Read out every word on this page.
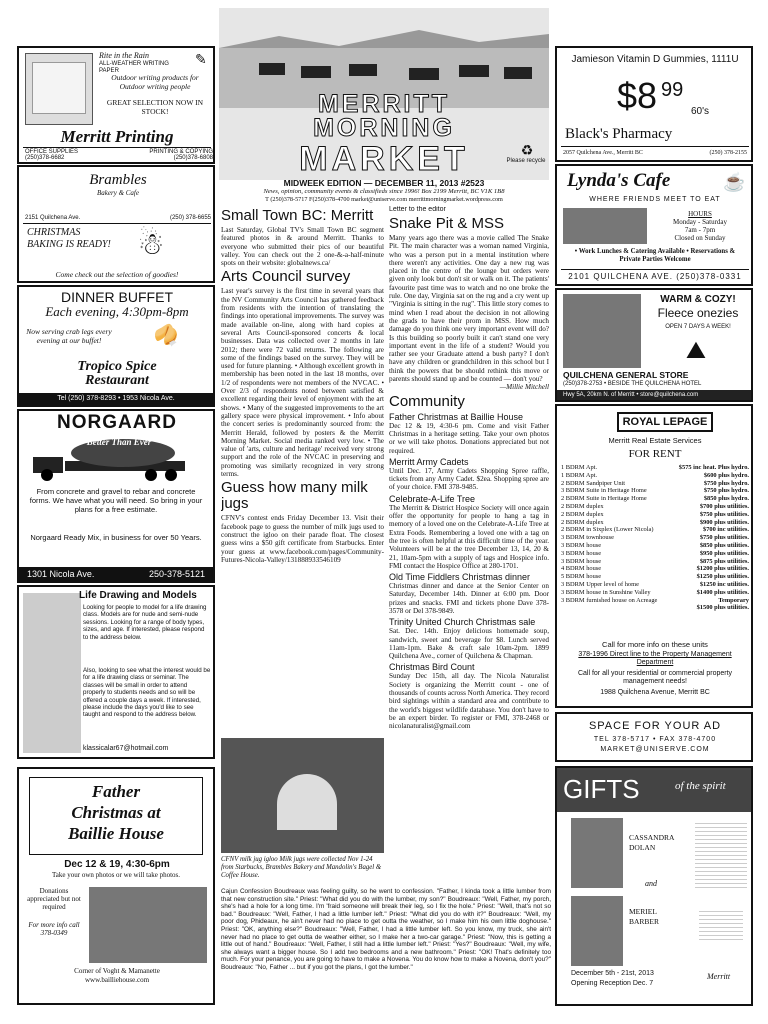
Rite in the Rain
ALL-WEATHER WRITING PAPER
✎
Outdoor writing products for Outdoor writing people
GREAT SELECTION NOW IN STOCK!
Merritt Printing
OFFICE SUPPLIES
(250)378-6682
PRINTING & COPYING
(250)378-6808
Brambles
Bakery & Cafe
2151 Quilchena Ave.	(250) 378-6655
CHRISTMAS BAKING IS READY! ☃
Come check out the selection of goodies!
DINNER BUFFET
Each evening, 4:30pm-8pm
Now serving crab legs every evening at our buffet!	🥠
Tropico Spice
Restaurant
Tel (250) 378-8293 • 1953 Nicola Ave.
NORGAARD
Better Than Ever
From concrete and gravel to rebar and concrete forms. We have what you will need. So bring in your plans for a free estimate.
Norgaard Ready Mix, in business for over 50 Years.
1301 Nicola Ave.	250-378-5121
Life Drawing and Models
Looking for people to model for a life drawing class. Models are for nude and semi-nude sessions. Looking for a range of body types, sizes, and age. If interested, please respond to the address below.
Also, looking to see what the interest would be for a life drawing class or seminar. The classes will be small in order to attend properly to students needs and so will be offered a couple days a week. If interested, please include the days you'd like to see taught and respond to the address below.
klassicalar67@hotmail.com
Father
Christmas at
Baillie House
Dec 12 & 19, 4:30-6pm
Take your own photos or we will take photos.
Donations appreciated but not required
For more info call 378-0349
Corner of Voght & Mamanette
www.bailliehouse.com
MERRITT
MORNING
MARKET	♻
Please recycle
MIDWEEK EDITION — DECEMBER 11, 2013 #2523
News, opinion, community events & classifieds since 1996! Box 2199 Merritt, BC V1K 1B8
T (250)378-5717 F(250)378-4700 market@uniserve.com merrittmorningmarket.wordpress.com
Small Town BC: Merritt
Last Saturday, Global TV's Small Town BC segment featured photos in & around Merritt. Thanks to everyone who submitted their pics of our beautiful valley. You can check out the 2 one-&-a-half-minute spots on their website: globalnews.ca/
Arts Council survey
Last year's survey is the first time in several years that the NV Community Arts Council has gathered feedback from residents with the intention of translating the findings into operational improvements. The survey was made available on-line, along with hard copies at several Arts Council-sponsored concerts & local businesses. Data was collected over 2 months in late 2012; there were 72 valid returns. The following are some of the findings based on the survey. They will be used for future planning. • Although excellent growth in membership has been noted in the last 18 months, over 1/2 of respondents were not members of the NVCAC. • Over 2/3 of respondents noted between satisfied & excellent regarding their level of enjoyment with the art shows. • Many of the suggested improvements to the art gallery space were physical improvement. • Info about the concert series is predominantly sourced from: the Merritt Herald, followed by posters & the Merritt Morning Market. Social media ranked very low. • The value of 'arts, culture and heritage' received very strong support and the role of the NVCAC in preserving and promoting was similarly recognized in very strong terms.
Guess how many milk jugs
CFNV's contest ends Friday December 13. Visit their facebook page to guess the number of milk jugs used to construct the igloo on their parade float. The closest guess wins a $50 gift certificate from Starbucks. Enter your guess at www.facebook.com/pages/Community-Futures-Nicola-Valley/131888933546109
CFNV milk jug igloo Milk jugs were collected Nov 1-24 from Starbucks, Brambles Bakery and Mandolin's Bagel & Coffee House.
Letter to the editor
Snake Pit & MSS
Many years ago there was a movie called The Snake Pit. The main character was a woman named Virginia, who was a person put in a mental institution where there weren't any activities. One day a new rug was placed in the centre of the lounge but orders were given only look but don't sit or walk on it. The patients' favourite past time was to watch and no one broke the rule. One day, Virginia sat on the rug and a cry went up "Virginia is sitting in the rug". This little story comes to mind when I read about the decision in not allowing the grads to have their prom in MSS. How much damage do you think one very important event will do? Is this building so poorly built it can't stand one very important event in the life of a student? Would you rather see your Graduate attend a bush party? I don't have any children or grandchildren in this school but I think the powers that be should rethink this move or parents should stand up and be counted — don't you?
—Millie Mitchell
Community
Father Christmas at Baillie House
Dec 12 & 19, 4:30-6 pm. Come and visit Father Christmas in a heritage setting. Take your own photos or we will take photos. Donations appreciated but not required.
Merritt Army Cadets
Until Dec. 17, Army Cadets Shopping Spree raffle, tickets from any Army Cadet. $2ea. Shopping spree are of your choice. FMI 378-9485.
Celebrate-A-Life Tree
The Merritt & District Hospice Society will once again offer the opportunity for people to hang a tag in memory of a loved one on the Celebrate-A-Life Tree at Extra Foods. Remembering a loved one with a tag on the tree is often helpful at this difficult time of the year. Volunteers will be at the tree December 13, 14, 20 & 21, 10am-5pm with a supply of tags and Hospice info. FMI contact the Hospice Office at 280-1701.
Old Time Fiddlers Christmas dinner
Christmas dinner and dance at the Senior Center on Saturday, December 14th. Dinner at 6:00 pm. Door prizes and snacks. FMI and tickets phone Dave 378-3578 or Del 378-9849.
Trinity United Church Christmas sale
Sat. Dec. 14th. Enjoy delicious homemade soup, sandwich, sweet and beverage for $8. Lunch served 11am-1pm. Bake & craft sale 10am-2pm. 1899 Quilchena Ave., corner of Quilchena & Chapman.
Christmas Bird Count
Sunday Dec 15th, all day. The Nicola Naturalist Society is organizing the Merritt count - one of thousands of counts across North America. They record bird sightings within a standard area and contribute to the world's biggest wildlife database. You don't have to be an expert birder. To register or FMI, 378-2468 or nicolanaturalist@gmail.com
Cajun Confession Boudreaux was feeling guilty, so he went to confession. "Father, I kinda took a little lumber from that new construction site." Priest: "What did you do with the lumber, my son?" Boudreaux: "Well, Father, my porch, she's had a hole for a long time. I'm 'fraid someone will break their leg, so I fix the hole." Priest: "Well, that's not so bad." Boudreaux: "Well, Father, I had a little lumber left." Priest: "What did you do with it?" Boudreaux: "Well, my poor dog, Phideaux, he ain't never had no place to get outta the weather, so I make him his own little doghouse." Priest: "OK, anything else?" Boudreaux: "Well, Father, I had a little lumber left. So you know, my truck, she ain't never had no place to get outta de weather either, so I make her a two-car garage." Priest: "Now, this is getting a little out of hand." Boudreaux: "Well, Father, I still had a little lumber left." Priest: "Yes?" Boudreaux: "Well, my wife, she always want a bigger house. So I add two bedrooms and a new bathroom." Priest: "OK! That's definitely too much. For your penance, you are going to have to make a Novena. You do know how to make a Novena, don't you?" Boudreaux: "No, Father ... but if you got the plans, I got the lumber."
Jamieson Vitamin D Gummies, 1111U
$8 99
60's
Black's Pharmacy
2057 Quilchena Ave., Merritt BC	(250) 378-2155
Lynda's Cafe	☕
WHERE FRIENDS MEET TO EAT
HOURS
Monday - Saturday
7am - 7pm
Closed on Sunday
• Work Lunches & Catering Available • Reservations & Private Parties Welcome
2101 QUILCHENA AVE. (250)378-0331
WARM & COZY!
Fleece onezies
OPEN 7 DAYS A WEEK!
⛰
QUILCHENA GENERAL STORE
(250)378-2753 • BESIDE THE QUILCHENA HOTEL
Hwy 5A, 20km N. of Merritt • store@quilchena.com
ROYAL LEPAGE
Merritt Real Estate Services
FOR RENT
1 BDRM Apt.	$575 inc heat. Plus hydro.
1 BDRM Apt.	$600 plus hydro.
2 BDRM Sandpiper Unit	$750 plus hydro.
3 BDRM Suite in Heritage Home	$750 plus hydro.
2 BDRM Suite in Heritage Home	$850 plus hydro.
2 BDRM duplex	$700 plus utilities.
2 BDRM duplex	$750 plus utilities.
2 BDRM duplex	$900 plus utilities.
2 BDRM in Sixplex (Lower Nicola)	$700 inc utilities.
3 BDRM townhouse	$750 plus utilities.
3 BDRM house	$850 plus utilities.
3 BDRM house	$950 plus utilities.
3 BDRM house	$875 plus utilities.
4 BDRM house	$1200 plus utilities.
5 BDRM house	$1250 plus utilities.
3 BDRM Upper level of home	$1250 inc utilities.
3 BDRM house in Sunshine Valley	$1400 plus utilities.
3 BDRM furnished house on Acreage	Temporary
$1500 plus utilities.
Call for more info on these units
378-1996 Direct line to the Property Management Department
Call for all your residential or commercial property management needs!
1988 Quilchena Avenue, Merritt BC
SPACE FOR YOUR AD
TEL 378-5717 • FAX 378-4700
MARKET@UNISERVE.COM
GIFTS	of the spirit
CASSANDRA
DOLAN
and
MERIEL
BARBER
December 5th - 21st, 2013
Opening Reception Dec. 7
Merritt
